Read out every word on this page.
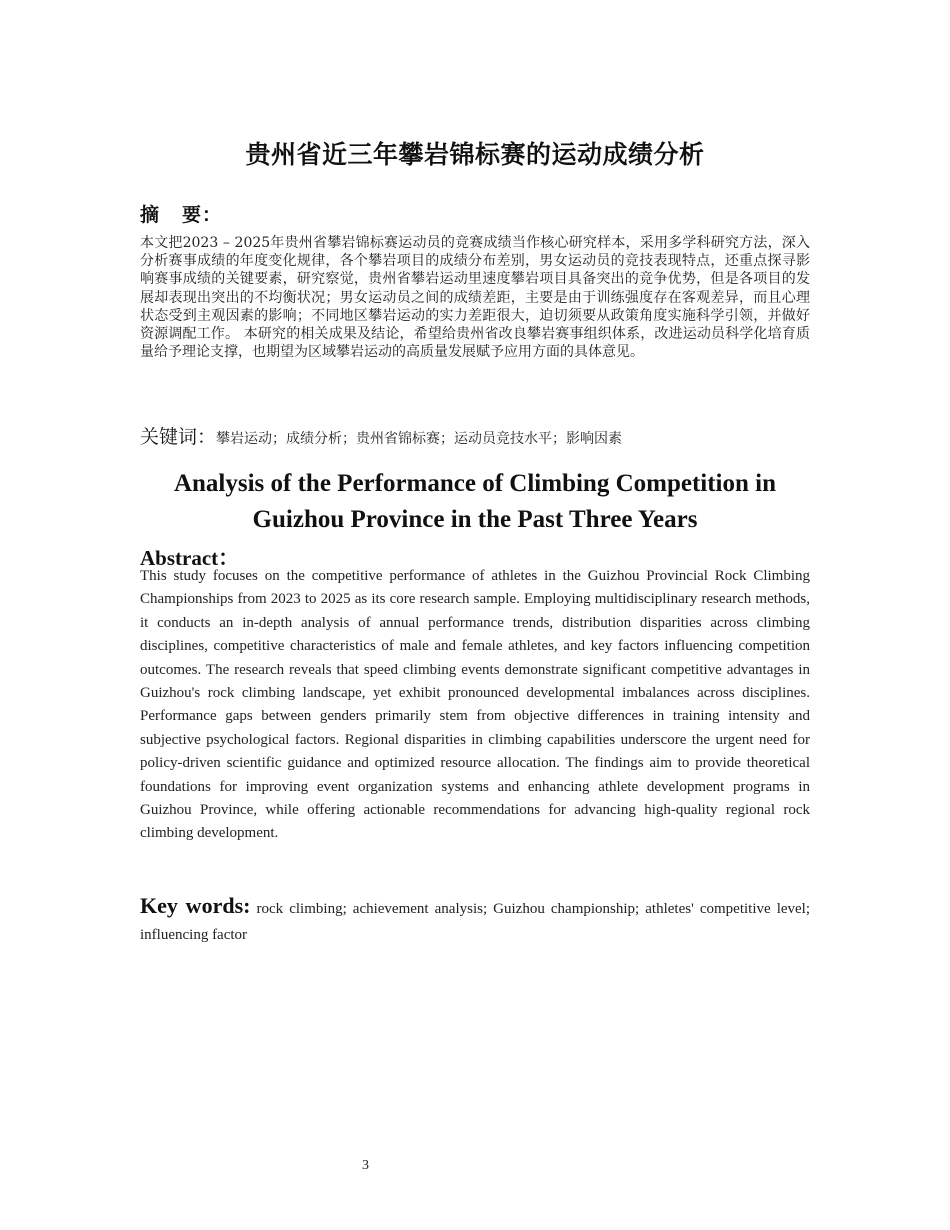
贵州省近三年攀岩锦标赛的运动成绩分析
摘 要：
本文把2023 – 2025年贵州省攀岩锦标赛运动员的竞赛成绩当作核心研究样本，采用多学科研究方法，深入分析赛事成绩的年度变化规律，各个攀岩项目的成绩分布差别，男女运动员的竞技表现特点，还重点探寻影响赛事成绩的关键要素，研究察觉，贵州省攀岩运动里速度攀岩项目具备突出的竞争优势，但是各项目的发展却表现出突出的不均衡状况；男女运动员之间的成绩差距，主要是由于训练强度存在客观差异，而且心理状态受到主观因素的影响；不同地区攀岩运动的实力差距很大，迫切须要从政策角度实施科学引领，并做好资源调配工作。 本研究的相关成果及结论，希望给贵州省改良攀岩赛事组织体系，改进运动员科学化培育质量给予理论支撑，也期望为区域攀岩运动的高质量发展赋予应用方面的具体意见。
关键词：攀岩运动；成绩分析；贵州省锦标赛；运动员竞技水平；影响因素
Analysis of the Performance of Climbing Competition in
Guizhou Province in the Past Three Years
Abstract：
This study focuses on the competitive performance of athletes in the Guizhou Provincial Rock Climbing Championships from 2023 to 2025 as its core research sample. Employing multidisciplinary research methods, it conducts an in-depth analysis of annual performance trends, distribution disparities across climbing disciplines, competitive characteristics of male and female athletes, and key factors influencing competition outcomes. The research reveals that speed climbing events demonstrate significant competitive advantages in Guizhou's rock climbing landscape, yet exhibit pronounced developmental imbalances across disciplines. Performance gaps between genders primarily stem from objective differences in training intensity and subjective psychological factors. Regional disparities in climbing capabilities underscore the urgent need for policy-driven scientific guidance and optimized resource allocation. The findings aim to provide theoretical foundations for improving event organization systems and enhancing athlete development programs in Guizhou Province, while offering actionable recommendations for advancing high-quality regional rock climbing development.
Key words: rock climbing; achievement analysis; Guizhou championship; athletes' competitive level; influencing factor
3
